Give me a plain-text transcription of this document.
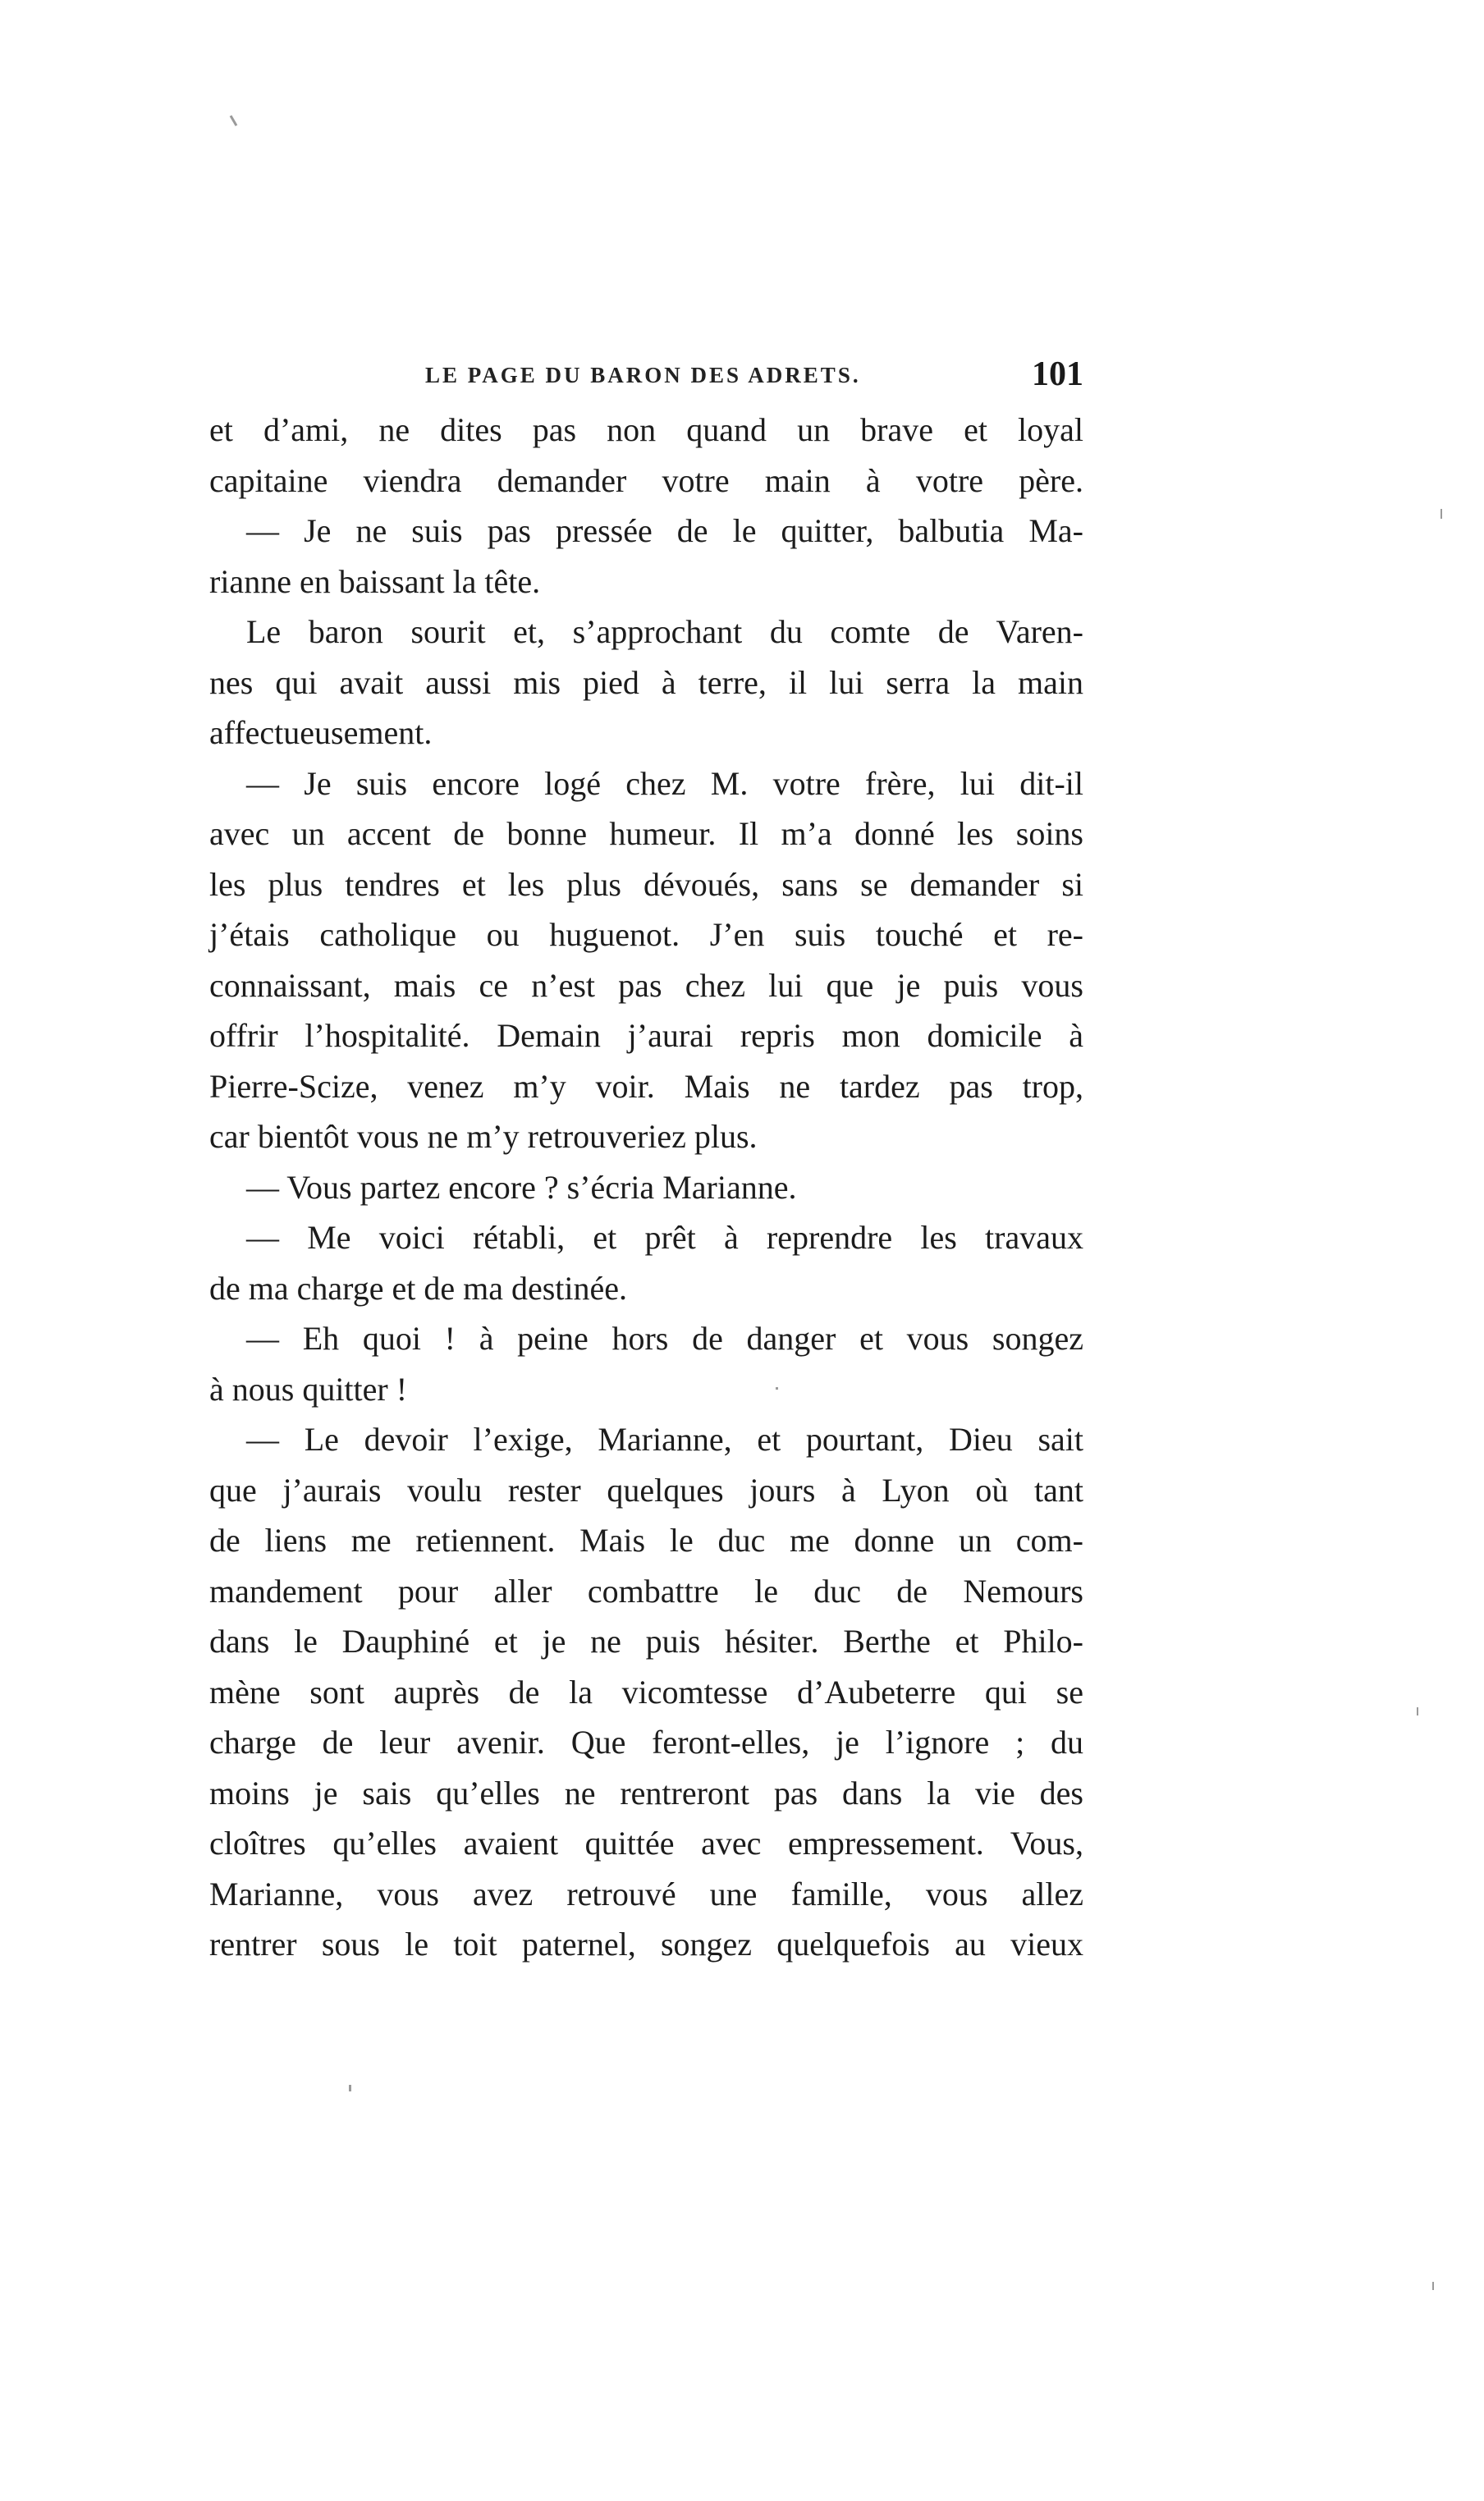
LE PAGE DU BARON DES ADRETS.	101
et d’ami, ne dites pas non quand un brave et loyal
capitaine viendra demander votre main à votre père.
— Je ne suis pas pressée de le quitter, balbutia Ma-
rianne en baissant la tête.
Le baron sourit et, s’approchant du comte de Varen-
nes qui avait aussi mis pied à terre, il lui serra la main
affectueusement.
— Je suis encore logé chez M. votre frère, lui dit-il
avec un accent de bonne humeur. Il m’a donné les soins
les plus tendres et les plus dévoués, sans se demander si
j’étais catholique ou huguenot. J’en suis touché et re-
connaissant, mais ce n’est pas chez lui que je puis vous
offrir l’hospitalité. Demain j’aurai repris mon domicile à
Pierre-Scize, venez m’y voir. Mais ne tardez pas trop,
car bientôt vous ne m’y retrouveriez plus.
— Vous partez encore ? s’écria Marianne.
— Me voici rétabli, et prêt à reprendre les travaux
de ma charge et de ma destinée.
— Eh quoi ! à peine hors de danger et vous songez
à nous quitter !
— Le devoir l’exige, Marianne, et pourtant, Dieu sait
que j’aurais voulu rester quelques jours à Lyon où tant
de liens me retiennent. Mais le duc me donne un com-
mandement pour aller combattre le duc de Nemours
dans le Dauphiné et je ne puis hésiter. Berthe et Philo-
mène sont auprès de la vicomtesse d’Aubeterre qui se
charge de leur avenir. Que feront-elles, je l’ignore ; du
moins je sais qu’elles ne rentreront pas dans la vie des
cloîtres qu’elles avaient quittée avec empressement. Vous,
Marianne, vous avez retrouvé une famille, vous allez
rentrer sous le toit paternel, songez quelquefois au vieux
